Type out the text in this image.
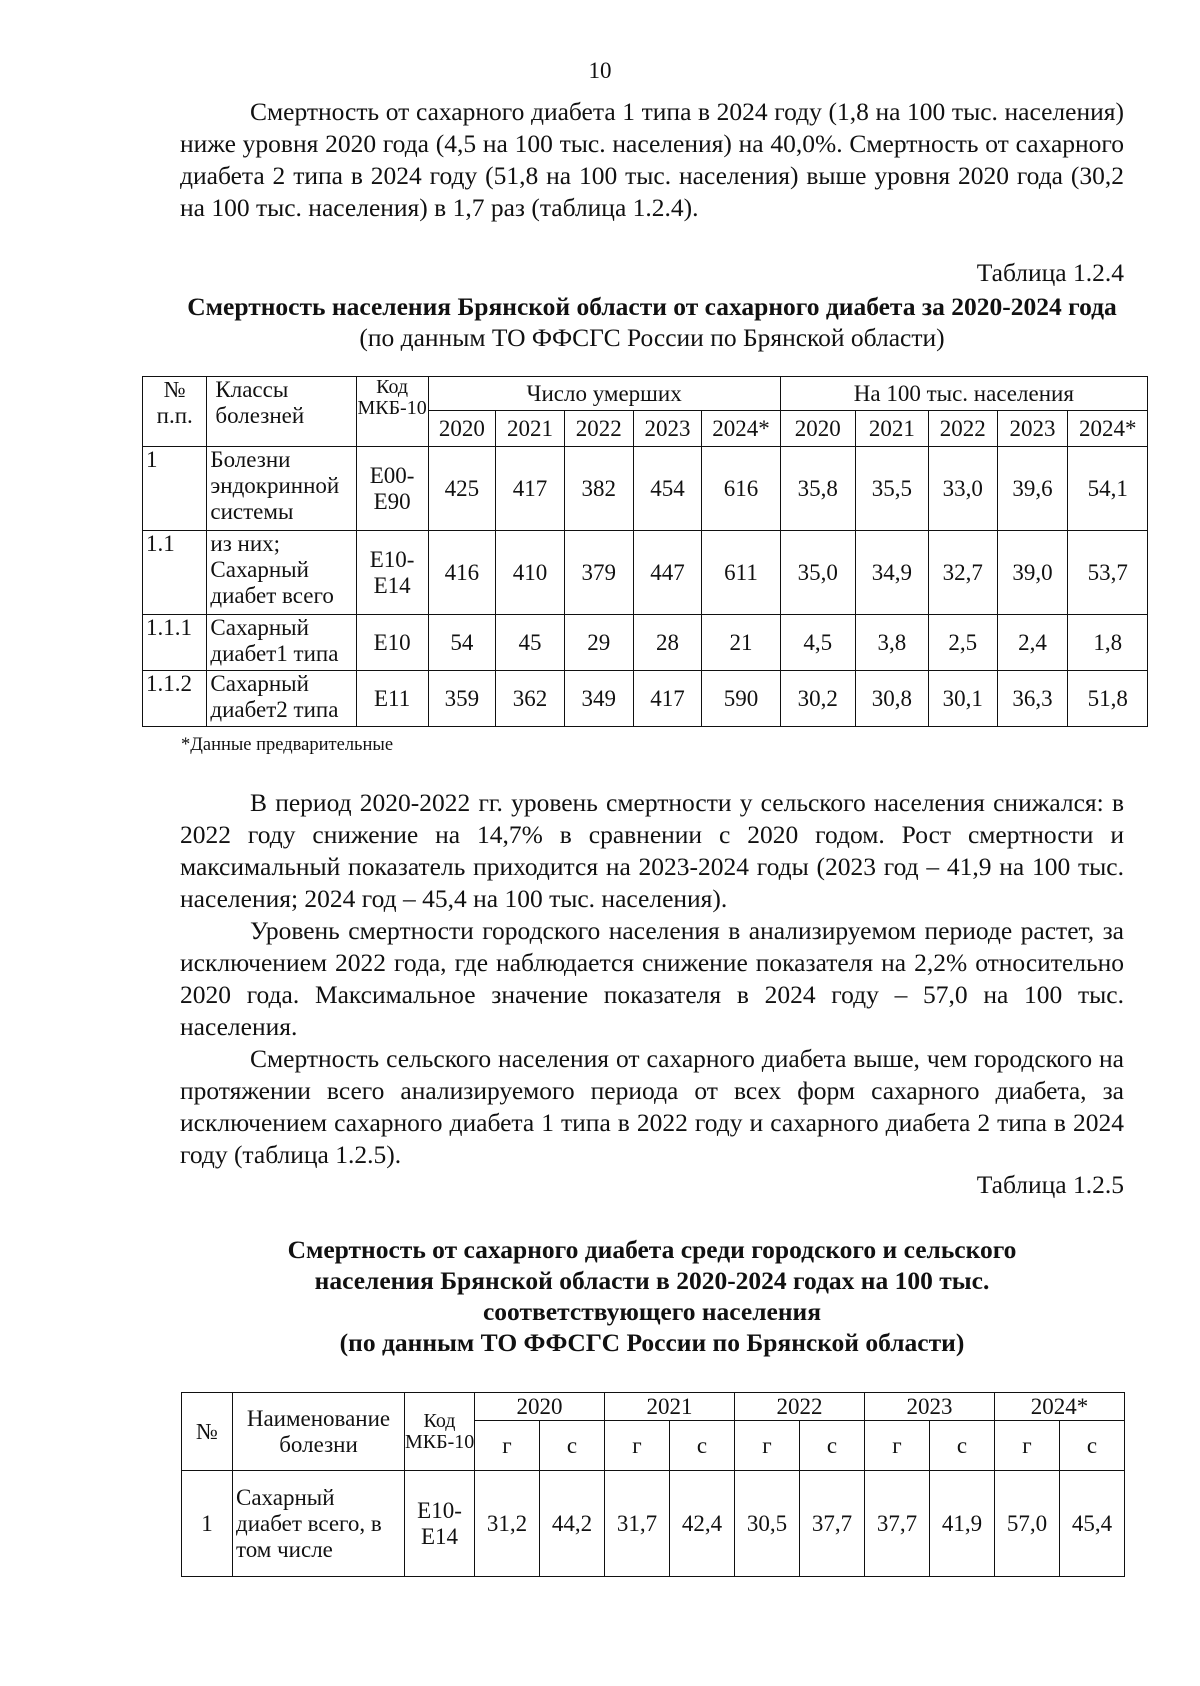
10

Смертность от сахарного диабета 1 типа в 2024 году (1,8 на 100 тыс. населения) ниже уровня 2020 года (4,5 на 100 тыс. населения) на 40,0%. Смертность от сахарного диабета 2 типа в 2024 году (51,8 на 100 тыс. населения) выше уровня 2020 года (30,2 на 100 тыс. населения) в 1,7 раз (таблица 1.2.4).

Таблица 1.2.4

Смертность населения Брянской области от сахарного диабета за 2020-2024 года (по данным ТО ФФСГС России по Брянской области)

№ п.п.	Классы болезней	Код МКБ-10	Число умерших					На 100 тыс. населения				
			2020	2021	2022	2023	2024*	2020	2021	2022	2023	2024*
1	Болезни эндокринной системы	Е00-Е90	425	417	382	454	616	35,8	35,5	33,0	39,6	54,1
1.1	из них; Сахарный диабет всего	Е10-Е14	416	410	379	447	611	35,0	34,9	32,7	39,0	53,7
1.1.1	Сахарный диабет1 типа	Е10	54	45	29	28	21	4,5	3,8	2,5	2,4	1,8
1.1.2	Сахарный диабет2 типа	Е11	359	362	349	417	590	30,2	30,8	30,1	36,3	51,8
*Данные предварительные

В период 2020-2022 гг. уровень смертности у сельского населения снижался: в 2022 году снижение на 14,7% в сравнении с 2020 годом. Рост смертности и максимальный показатель приходится на 2023-2024 годы (2023 год – 41,9 на 100 тыс. населения; 2024 год – 45,4 на 100 тыс. населения).

Уровень смертности городского населения в анализируемом периоде растет, за исключением 2022 года, где наблюдается снижение показателя на 2,2% относительно 2020 года. Максимальное значение показателя в 2024 году – 57,0 на 100 тыс. населения.

Смертность сельского населения от сахарного диабета выше, чем городского на протяжении всего анализируемого периода от всех форм сахарного диабета, за исключением сахарного диабета 1 типа в 2022 году и сахарного диабета 2 типа в 2024 году (таблица 1.2.5).

Таблица 1.2.5
Смертность от сахарного диабета среди городского и сельского
населения Брянской области в 2020-2024 годах на 100 тыс.
соответствующего населения
(по данным ТО ФФСГС России по Брянской области)
№	Наименование болезни	Код МКБ-10	2020		2021		2022		2023		2024*	
			г	с	г	с	г	с	г	с	г	с
1	Сахарный диабет всего, в том числе	Е10-Е14	31,2	44,2	31,7	42,4	30,5	37,7	37,7	41,9	57,0	45,4
